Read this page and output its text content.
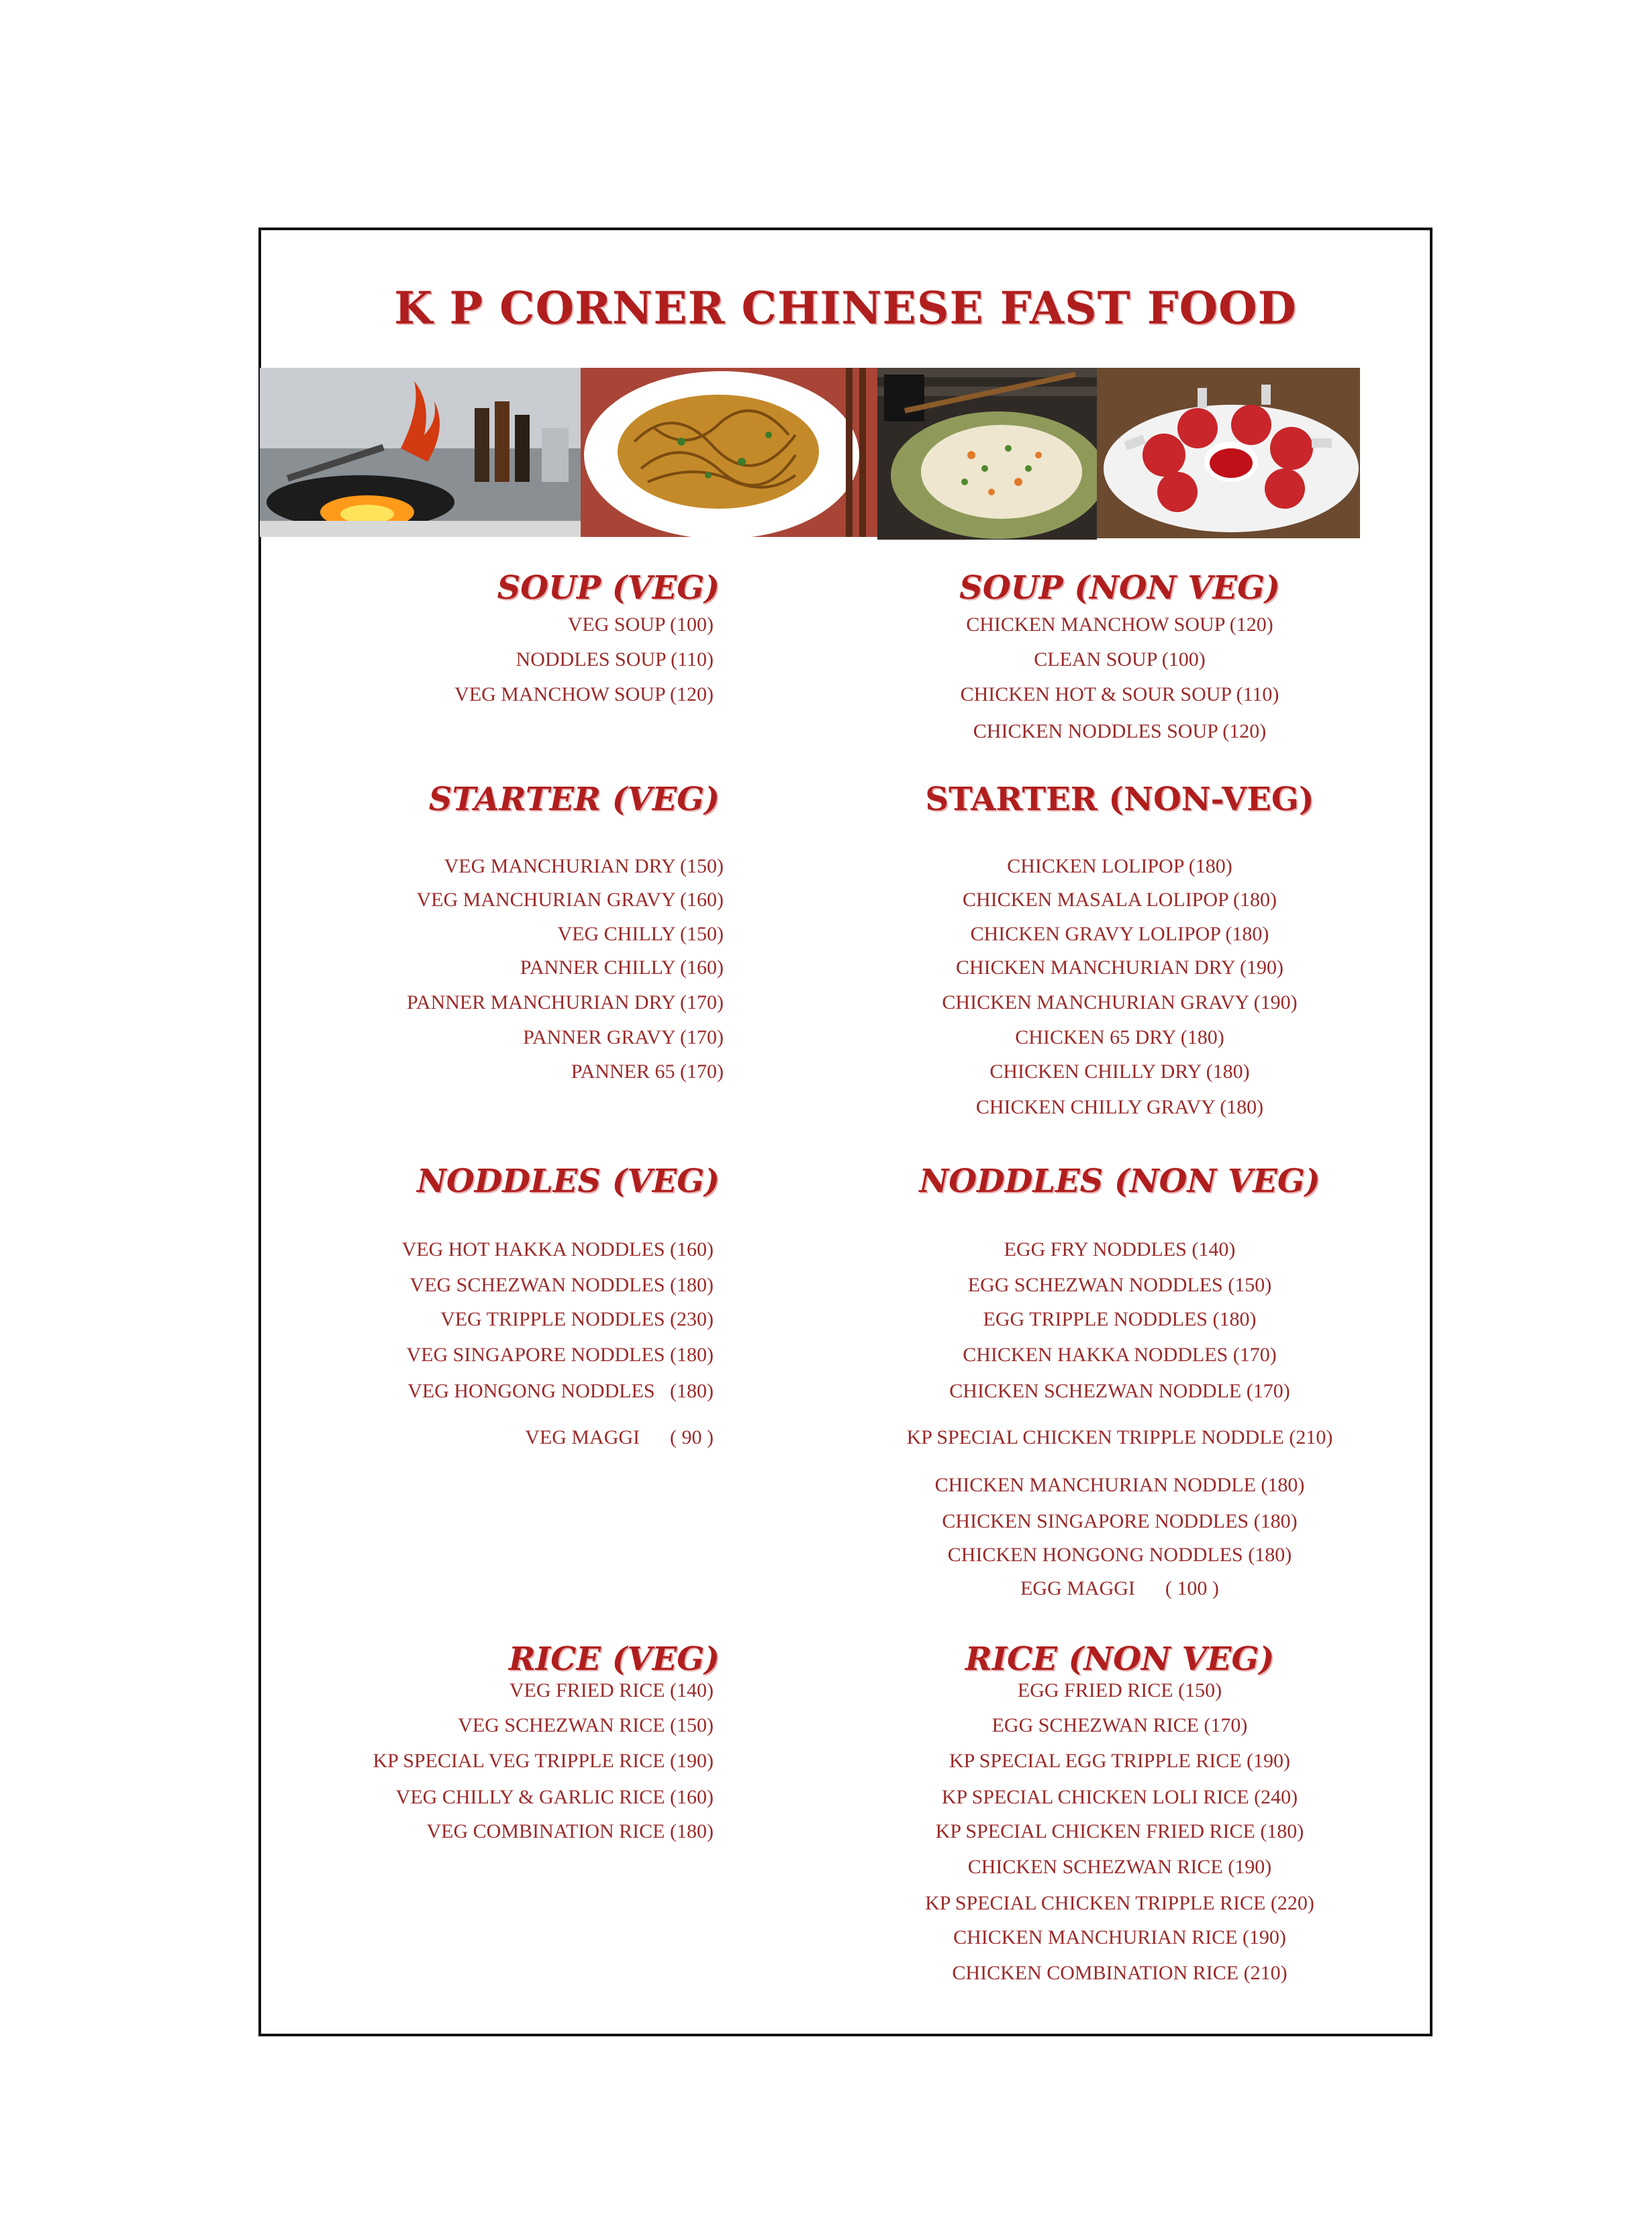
K P CORNER CHINESE FAST FOOD
SOUP (VEG)
VEG SOUP (100)
NODDLES SOUP (110)
VEG MANCHOW SOUP (120)
STARTER (VEG)
VEG MANCHURIAN DRY (150)
VEG MANCHURIAN GRAVY (160)
VEG CHILLY (150)
PANNER CHILLY (160)
PANNER MANCHURIAN DRY (170)
PANNER GRAVY (170)
PANNER 65 (170)
NODDLES (VEG)
VEG HOT HAKKA NODDLES (160)
VEG SCHEZWAN NODDLES (180)
VEG TRIPPLE NODDLES (230)
VEG SINGAPORE NODDLES (180)
VEG HONGONG NODDLES   (180)
VEG MAGGI      ( 90 )
RICE (VEG)
VEG FRIED RICE (140)
VEG SCHEZWAN RICE (150)
KP SPECIAL VEG TRIPPLE RICE (190)
VEG CHILLY & GARLIC RICE (160)
VEG COMBINATION RICE (180)
SOUP (NON VEG)
CHICKEN MANCHOW SOUP (120)
CLEAN SOUP (100)
CHICKEN HOT & SOUR SOUP (110)
CHICKEN NODDLES SOUP (120)
STARTER (NON-VEG)
CHICKEN LOLIPOP (180)
CHICKEN MASALA LOLIPOP (180)
CHICKEN GRAVY LOLIPOP (180)
CHICKEN MANCHURIAN DRY (190)
CHICKEN MANCHURIAN GRAVY (190)
CHICKEN 65 DRY (180)
CHICKEN CHILLY DRY (180)
CHICKEN CHILLY GRAVY (180)
NODDLES (NON VEG)
EGG FRY NODDLES (140)
EGG SCHEZWAN NODDLES (150)
EGG TRIPPLE NODDLES (180)
CHICKEN HAKKA NODDLES (170)
CHICKEN SCHEZWAN NODDLE (170)
KP SPECIAL CHICKEN TRIPPLE NODDLE (210)
CHICKEN MANCHURIAN NODDLE (180)
CHICKEN SINGAPORE NODDLES (180)
CHICKEN HONGONG NODDLES (180)
EGG MAGGI      ( 100 )
RICE (NON VEG)
EGG FRIED RICE (150)
EGG SCHEZWAN RICE (170)
KP SPECIAL EGG TRIPPLE RICE (190)
KP SPECIAL CHICKEN LOLI RICE (240)
KP SPECIAL CHICKEN FRIED RICE (180)
CHICKEN SCHEZWAN RICE (190)
KP SPECIAL CHICKEN TRIPPLE RICE (220)
CHICKEN MANCHURIAN RICE (190)
CHICKEN COMBINATION RICE (210)
